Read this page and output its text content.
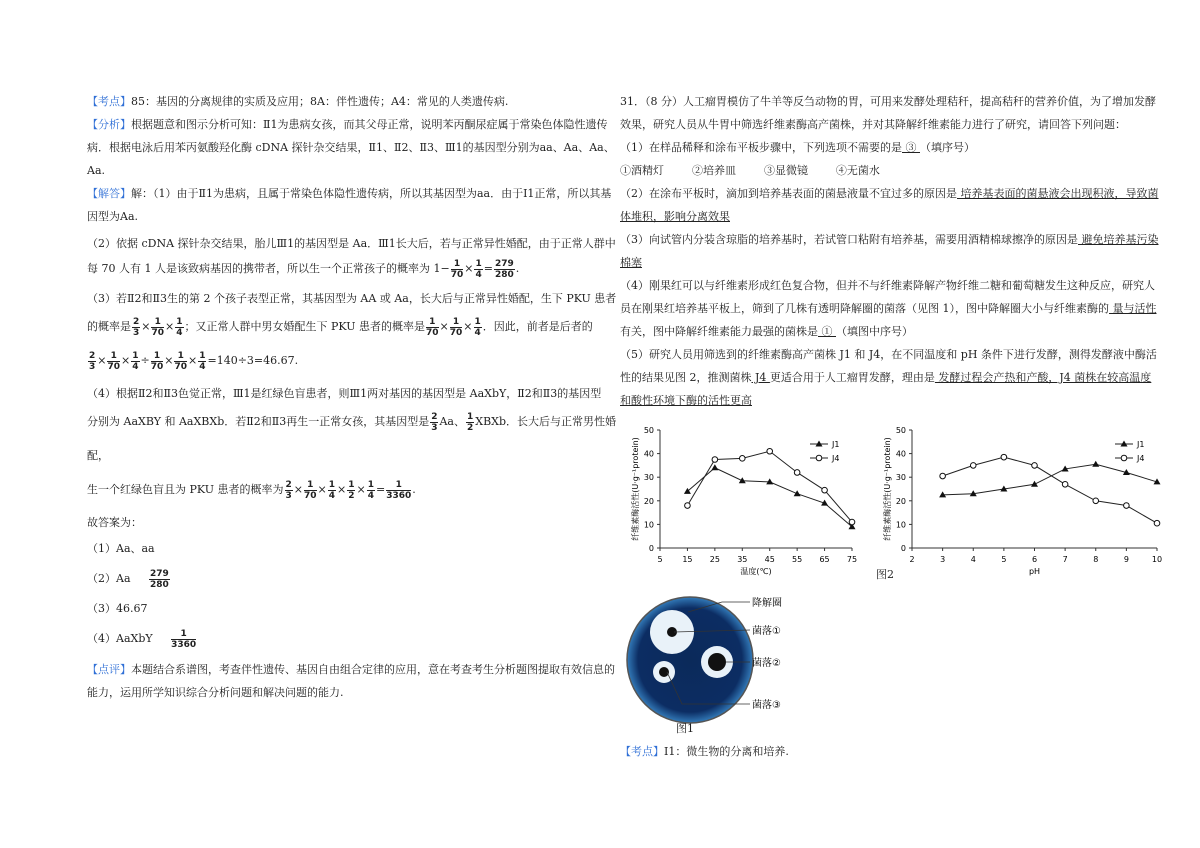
【考点】85：基因的分离规律的实质及应用；8A：伴性遗传；A4：常见的人类遗传病.

【分析】根据题意和图示分析可知：Ⅱ1为患病女孩，而其父母正常，说明苯丙酮尿症属于常染色体隐性遗传病．根据电泳后用苯丙氨酸羟化酶 cDNA 探针杂交结果，Ⅱ1、Ⅱ2、Ⅱ3、Ⅲ1的基因型分别为aa、Aa、Aa、Aa.

【解答】解：（1）由于Ⅱ1为患病，且属于常染色体隐性遗传病，所以其基因型为aa．由于Ⅰ1正常，所以其基因型为Aa.

（2）依据 cDNA 探针杂交结果，胎儿Ⅲ1的基因型是 Aa．Ⅲ1长大后，若与正常异性婚配，由于正常人群中

每 70 人有 1 人是该致病基因的携带者，所以生一个正常孩子的概率为 $1- \frac{1}{70} \times \frac{1}{4} = \frac{279}{280}$ .

（3）若Ⅱ2和Ⅱ3生的第 2 个孩子表型正常，其基因型为 AA 或 Aa，长大后与正常异性婚配，生下 PKU 患者

的概率是 $\frac{2}{3} \times \frac{1}{70} \times \frac{1}{4}$ ；又正常人群中男女婚配生下 PKU 患者的概率是 $\frac{1}{70} \times \frac{1}{70} \times \frac{1}{4}$ ．因此，前者是后者的

$\frac{2}{3} \times \frac{1}{70} \times \frac{1}{4} \div \frac{1}{70} \times \frac{1}{70} \times \frac{1}{4} =140\div 3=46.67$.

（4）根据Ⅱ2和Ⅱ3色觉正常，Ⅲ1是红绿色盲患者，则Ⅲ1两对基因的基因型是 AaXbY，Ⅱ2和Ⅱ3的基因型

分别为 AaXBY 和 AaXBXb．若Ⅱ2和Ⅱ3再生一正常女孩，其基因型是 $\frac{2}{3}$ Aa、 $\frac{1}{2}$ XBXb．长大后与正常男性婚配，

生一个红绿色盲且为 PKU 患者的概率为 $\frac{2}{3} \times \frac{1}{70} \times \frac{1}{4} \times \frac{1}{2} \times \frac{1}{4} = \frac{1}{3360}$ .

故答案为：

（1）Aa、aa

$(2)Aa \frac{279}{280}$

（3）46.67

（4）AaXbY $\frac{1}{3360}$

【点评】本题结合系谱图，考查伴性遗传、基因自由组合定律的应用，意在考查考生分析题图提取有效信息的能力，运用所学知识综合分析问题和解决问题的能力.

31．（8 分）人工瘤胃模仿了牛羊等反刍动物的胃，可用来发酵处理秸秆，提高秸秆的营养价值，为了增加发酵效果，研究人员从牛胃中筛选纤维素酶高产菌株，并对其降解纤维素能力进行了研究，请回答下列问题：

（1）在样品稀释和涂布平板步骤中，下列选项不需要的是 ③ （填序号）

①酒精灯        ②培养皿        ③显微镜        ④无菌水

（2）在涂布平板时，滴加到培养基表面的菌悬液量不宜过多的原因是 培养基表面的菌悬液会出现积液，导致菌体堆积，影响分离效果

（3）向试管内分装含琼脂的培养基时，若试管口粘附有培养基，需要用酒精棉球擦净的原因是 避免培养基污染棉塞

（4）刚果红可以与纤维素形成红色复合物，但并不与纤维素降解产物纤维二糖和葡萄糖发生这种反应，研究人员在刚果红培养基平板上，筛到了几株有透明降解圈的菌落（见图 1），图中降解圈大小与纤维素酶的 量与活性 有关，图中降解纤维素能力最强的菌株是 ① （填图中序号）

（5）研究人员用筛选到的纤维素酶高产菌株 J1 和 J4，在不同温度和 pH 条件下进行发酵，测得发酵液中酶活性的结果见图 2，推测菌株 J4 更适合用于人工瘤胃发酵，理由是 发酵过程会产热和产酸，J4 菌株在较高温度和酸性环境下酶的活性更高

0
10
20
30
40
50
5 15 25 35 45 55 65 75
温度(℃)
纤维素酶活性(U·g⁻¹protein)	J1
J4
0
10
20
30
40
50
2	3	4	5	6	7	8	9	10
pH
纤维素酶活性(U·g⁻¹protein)	J1
J4
图2
降解圈
菌落①
菌落②
菌落③
图1

【考点】I1：微生物的分离和培养.
